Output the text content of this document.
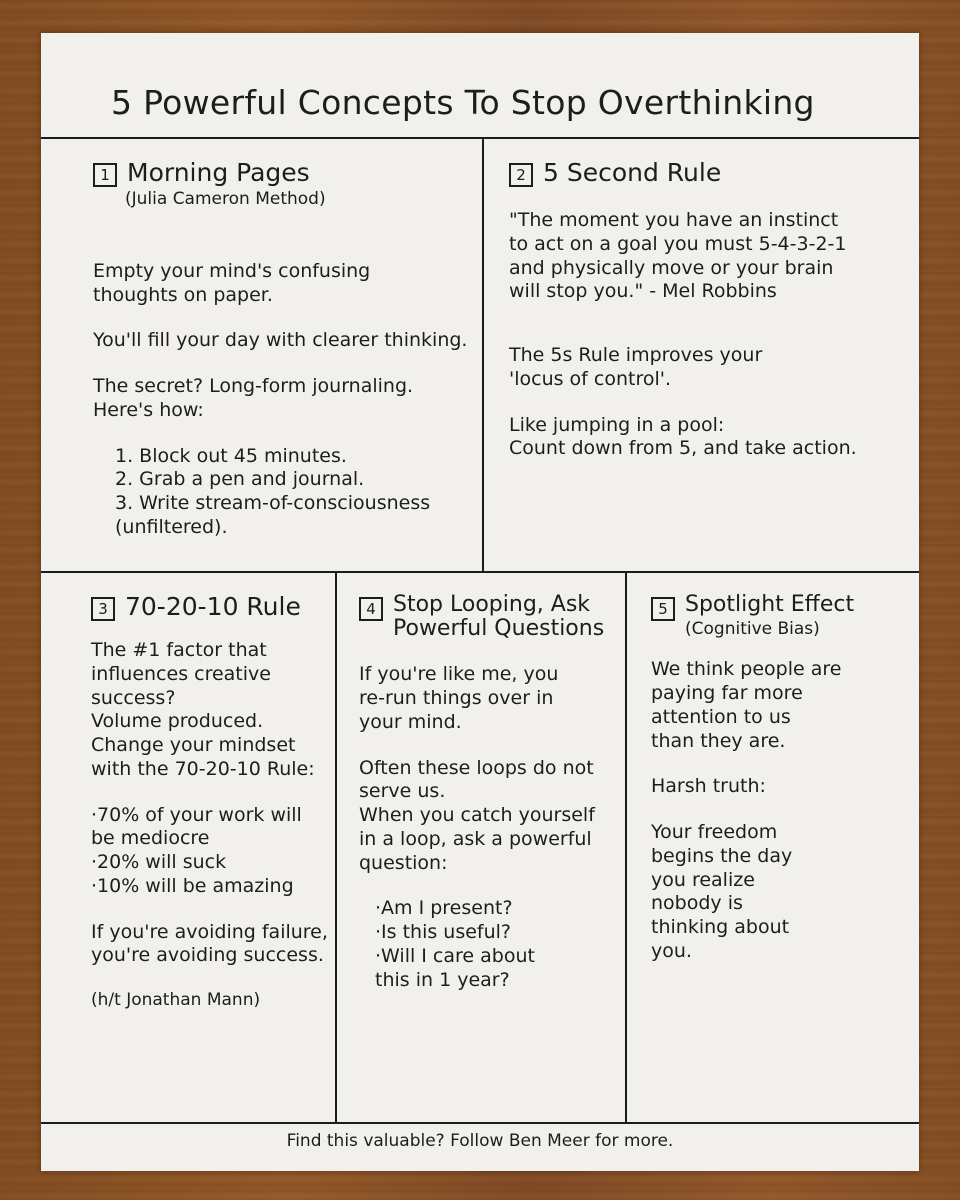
5 Powerful Concepts To Stop Overthinking
1 Morning Pages
(Julia Cameron Method)

Empty your mind's confusing
thoughts on paper.

You'll fill your day with clearer thinking.

The secret? Long-form journaling.
Here's how:

1. Block out 45 minutes.
2. Grab a pen and journal.
3. Write stream-of-consciousness
(unfiltered).
2 5 Second Rule

"The moment you have an instinct
to act on a goal you must 5-4-3-2-1
and physically move or your brain
will stop you." - Mel Robbins

The 5s Rule improves your
'locus of control'.

Like jumping in a pool:
Count down from 5, and take action.

3 70-20-10 Rule

The #1 factor that
influences creative
success?
Volume produced.
Change your mindset
with the 70-20-10 Rule:

·70% of your work will
be mediocre
·20% will suck
·10% will be amazing

If you're avoiding failure,
you're avoiding success.

(h/t Jonathan Mann)

4 Stop Looping, Ask
Powerful Questions

If you're like me, you
re-run things over in
your mind.

Often these loops do not
serve us.
When you catch yourself
in a loop, ask a powerful
question:

·Am I present?
·Is this useful?
·Will I care about
this in 1 year?
5 Spotlight Effect
(Cognitive Bias)

We think people are
paying far more
attention to us
than they are.

Harsh truth:

Your freedom
begins the day
you realize
nobody is
thinking about
you.

Find this valuable? Follow Ben Meer for more.
